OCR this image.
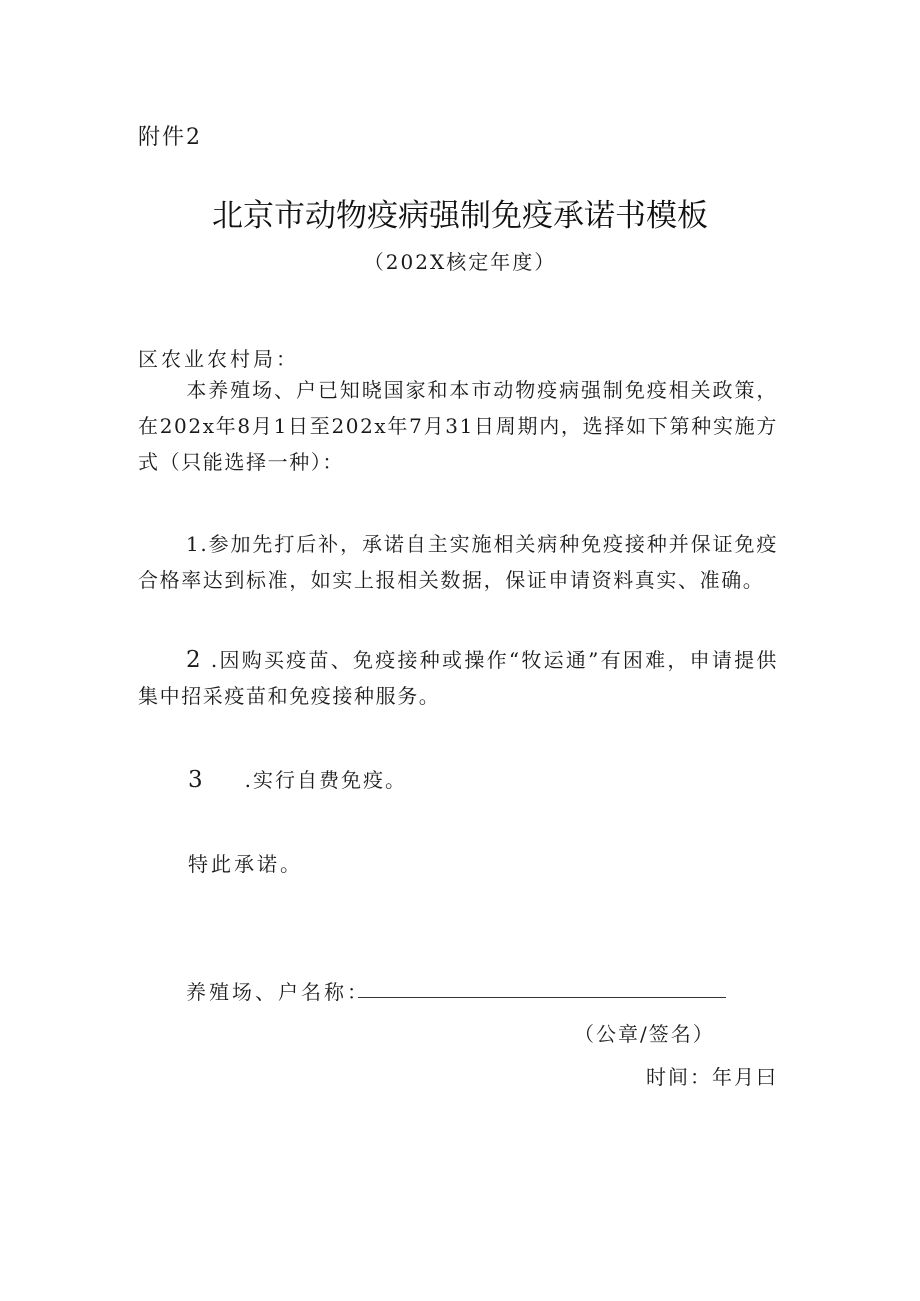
附件2
北京市动物疫病强制免疫承诺书模板
（202X核定年度）
区农业农村局：
本养殖场、户已知晓国家和本市动物疫病强制免疫相关政策，在202x年8月1日至202x年7月31日周期内，选择如下第种实施方式（只能选择一种）：
1.参加先打后补，承诺自主实施相关病种免疫接种并保证免疫合格率达到标准，如实上报相关数据，保证申请资料真实、准确。
2 .因购买疫苗、免疫接种或操作“牧运通”有困难，申请提供集中招采疫苗和免疫接种服务。
3 .实行自费免疫。
特此承诺。
养殖场、户名称：
（公章/签名）
时间：年月曰
